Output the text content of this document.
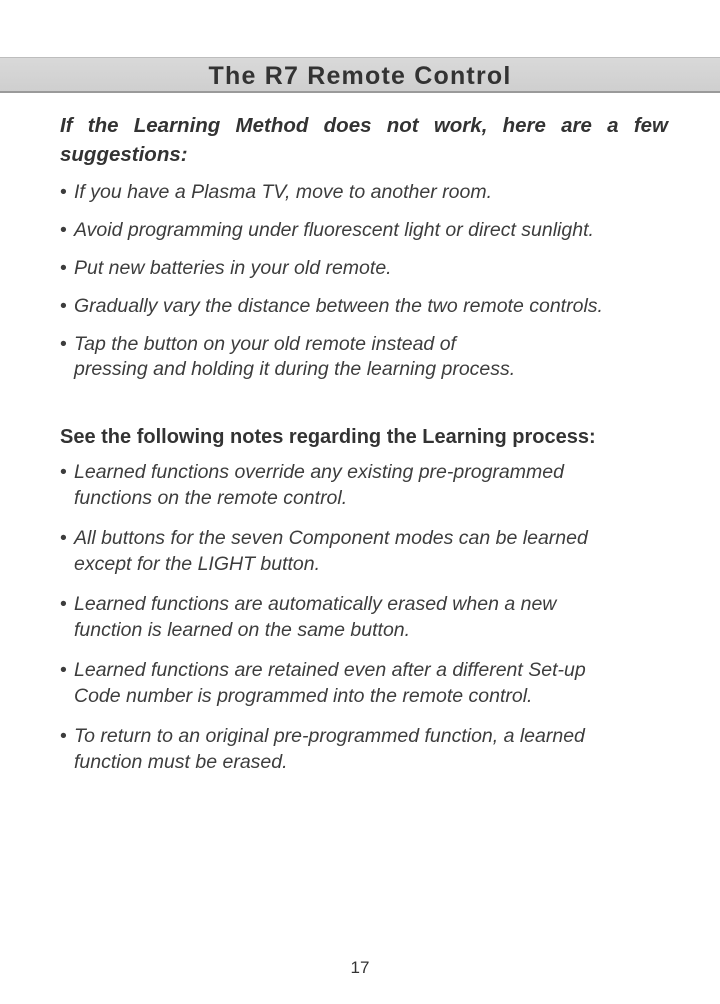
The R7 Remote Control

If the Learning Method does not work, here are a few suggestions:

• If you have a Plasma TV, move to another room.
• Avoid programming under fluorescent light or direct sunlight.
• Put new batteries in your old remote.
• Gradually vary the distance between the two remote controls.
• Tap the button on your old remote instead of
pressing and holding it during the learning process.

See the following notes regarding the Learning process:

• Learned functions override any existing pre-programmed
functions on the remote control.
• All buttons for the seven Component modes can be learned
except for the LIGHT button.
• Learned functions are automatically erased when a new
function is learned on the same button.
• Learned functions are retained even after a different Set-up
Code number is programmed into the remote control.
• To return to an original pre-programmed function, a learned
function must be erased.
17
